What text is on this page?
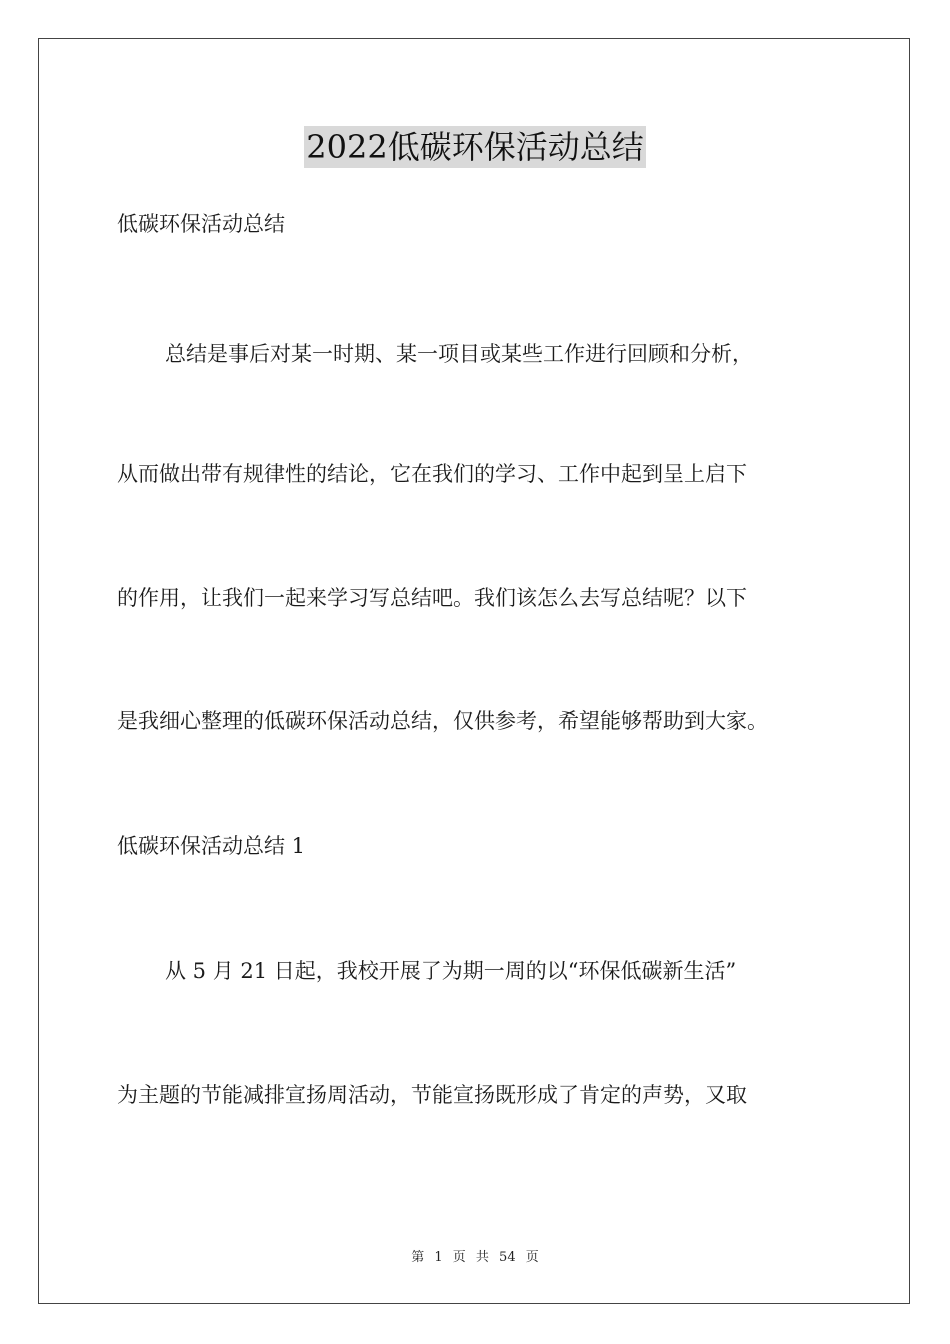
2022低碳环保活动总结
低碳环保活动总结
总结是事后对某一时期、某一项目或某些工作进行回顾和分析，
从而做出带有规律性的结论，它在我们的学习、工作中起到呈上启下
的作用，让我们一起来学习写总结吧。我们该怎么去写总结呢？以下
是我细心整理的低碳环保活动总结，仅供参考，希望能够帮助到大家。
低碳环保活动总结 1
从 5 月 21 日起，我校开展了为期一周的以“环保低碳新生活”
为主题的节能减排宣扬周活动，节能宣扬既形成了肯定的声势，又取
第 1 页 共 54 页
